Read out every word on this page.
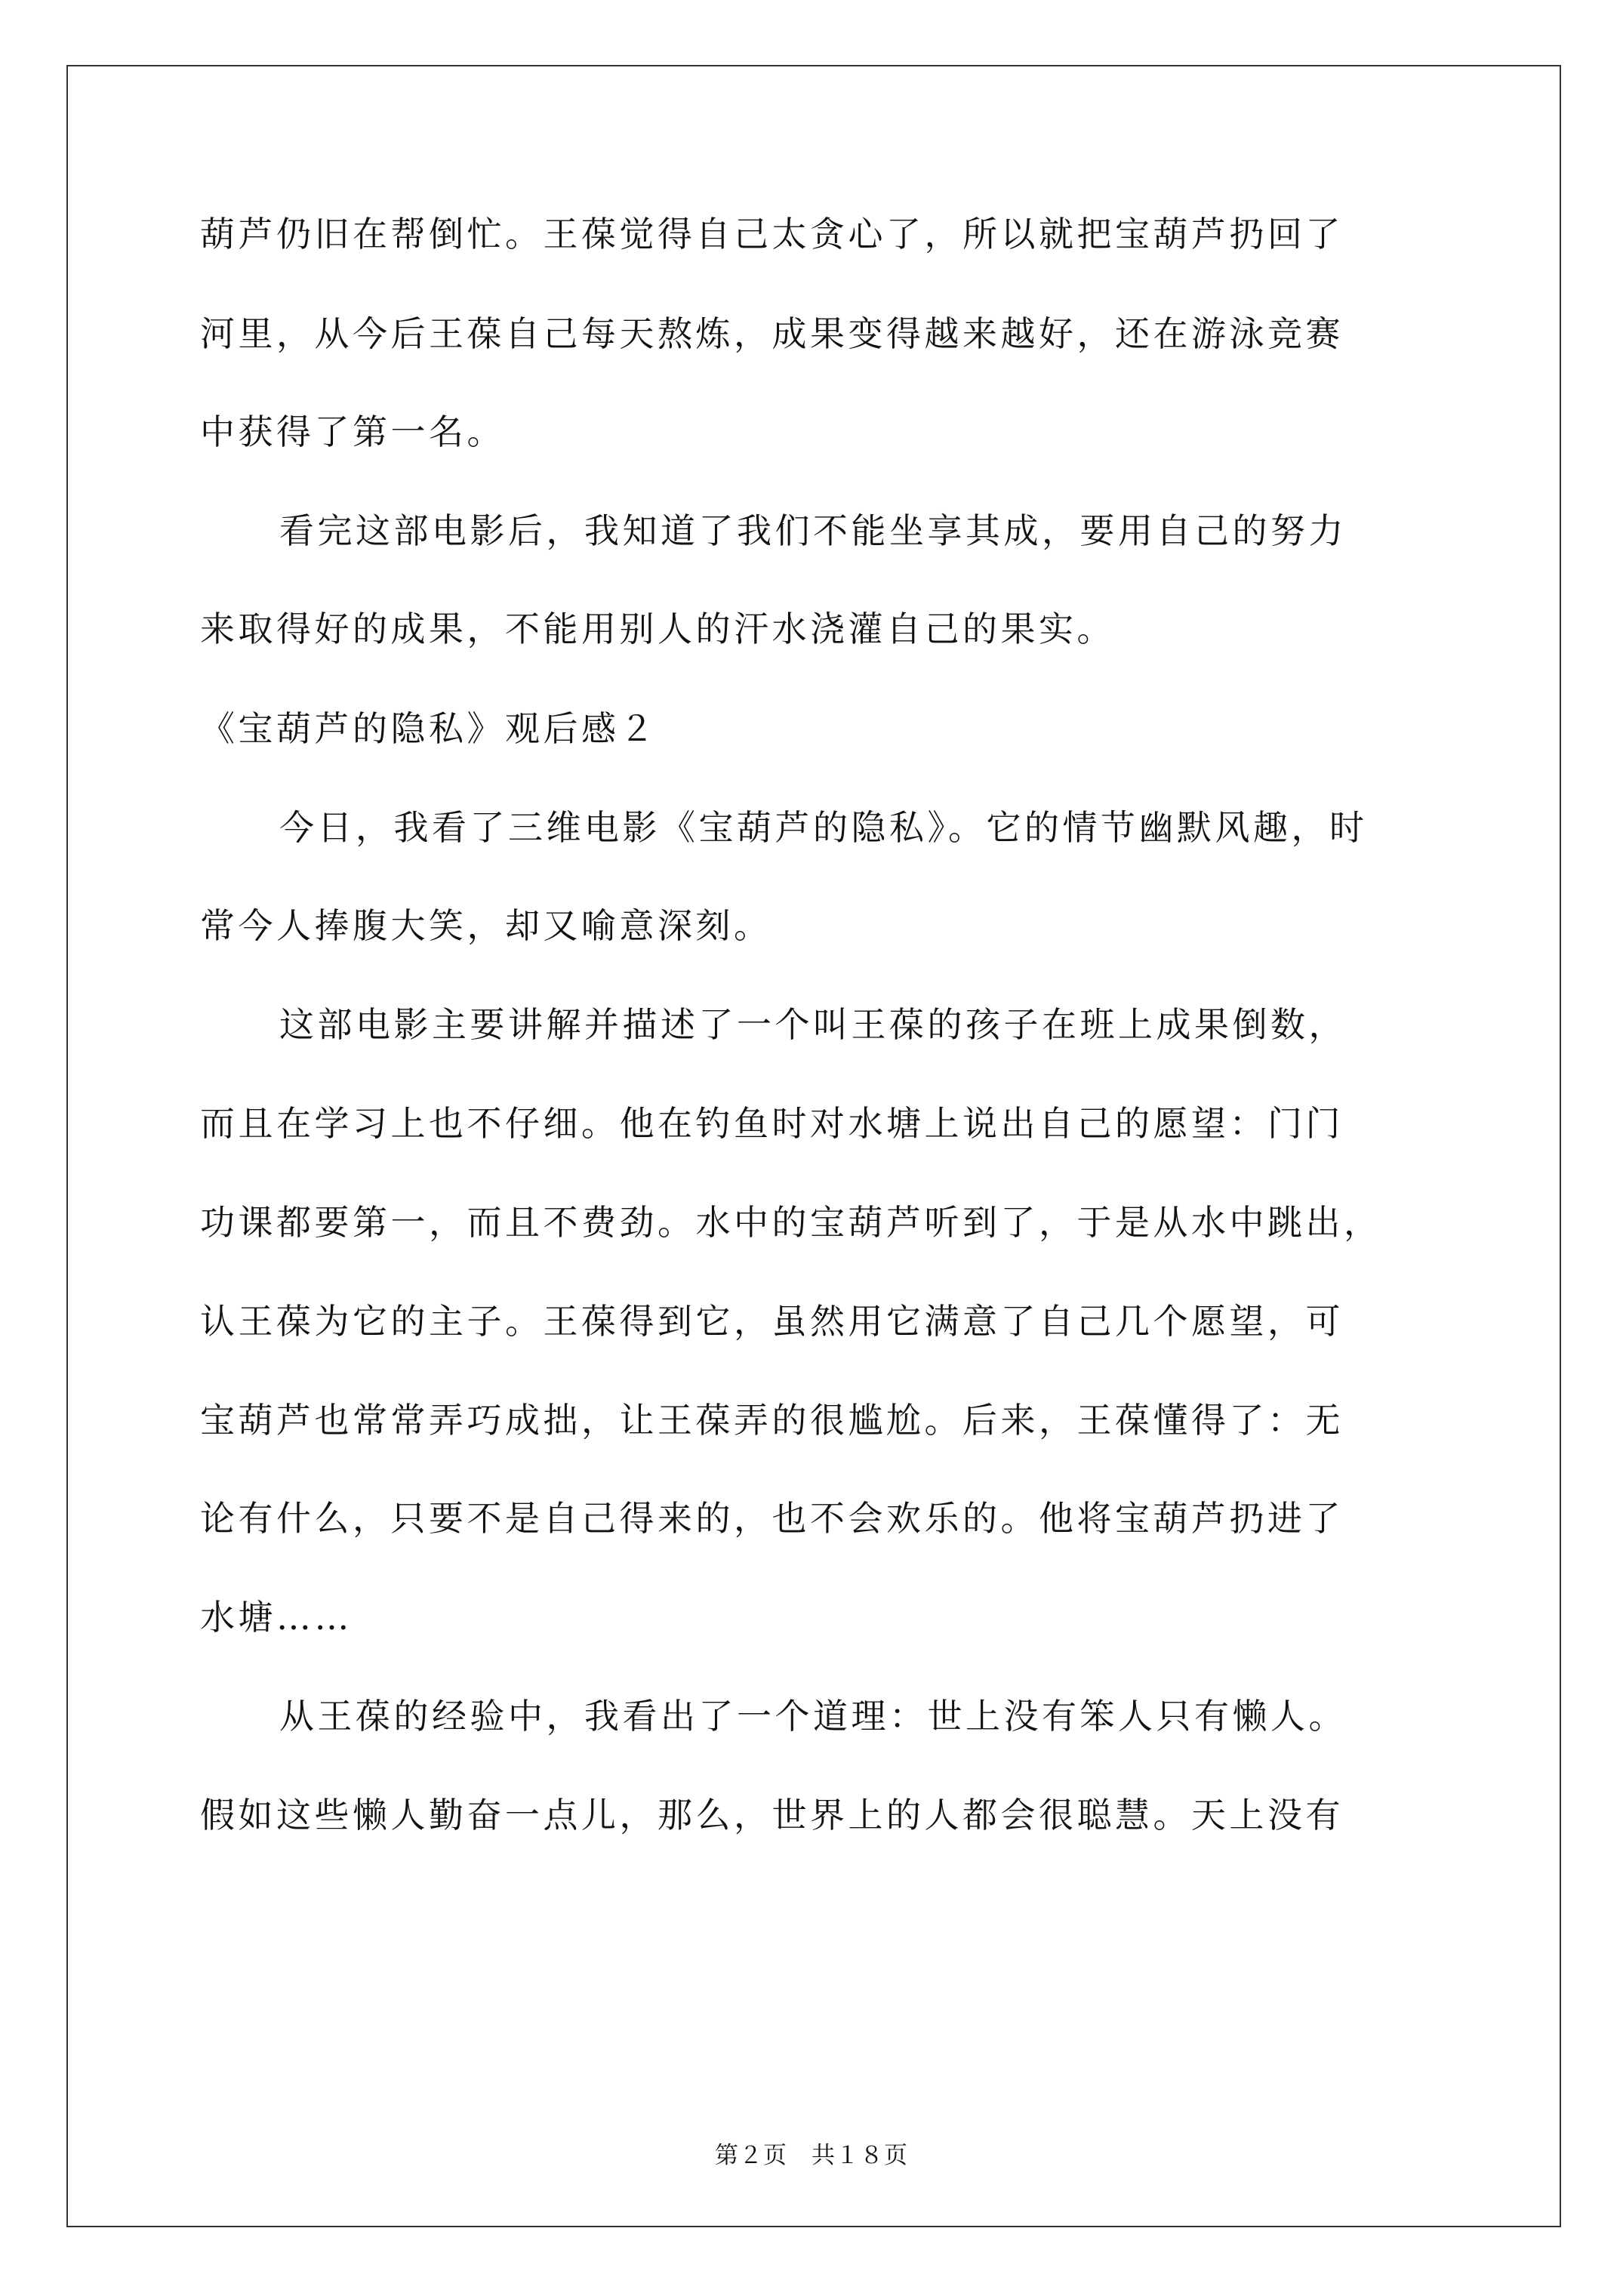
葫芦仍旧在帮倒忙。王葆觉得自己太贪心了，所以就把宝葫芦扔回了
河里，从今后王葆自己每天熬炼，成果变得越来越好，还在游泳竞赛
中获得了第一名。
看完这部电影后，我知道了我们不能坐享其成，要用自己的努力
来取得好的成果，不能用别人的汗水浇灌自己的果实。
《宝葫芦的隐私》观后感２
今日，我看了三维电影《宝葫芦的隐私》。它的情节幽默风趣，时
常今人捧腹大笑，却又喻意深刻。
这部电影主要讲解并描述了一个叫王葆的孩子在班上成果倒数，
而且在学习上也不仔细。他在钓鱼时对水塘上说出自己的愿望：门门
功课都要第一，而且不费劲。水中的宝葫芦听到了，于是从水中跳出，
认王葆为它的主子。王葆得到它，虽然用它满意了自己几个愿望，可
宝葫芦也常常弄巧成拙，让王葆弄的很尴尬。后来，王葆懂得了：无
论有什么，只要不是自己得来的，也不会欢乐的。他将宝葫芦扔进了
水塘……
从王葆的经验中，我看出了一个道理：世上没有笨人只有懒人。
假如这些懒人勤奋一点儿，那么，世界上的人都会很聪慧。天上没有
第２页　共１８页
